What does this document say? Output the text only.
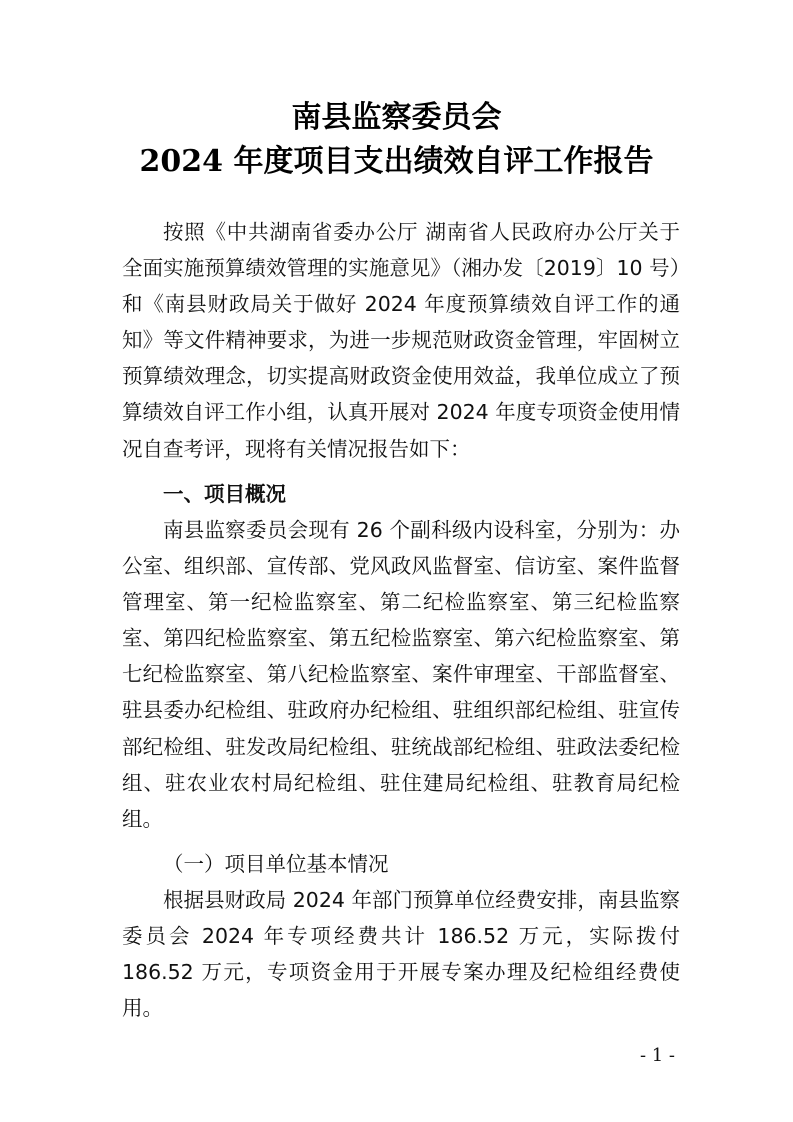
南县监察委员会
2024 年度项目支出绩效自评工作报告

按照《中共湖南省委办公厅 湖南省人民政府办公厅关于全面实施预算绩效管理的实施意见》（湘办发〔2019〕10 号）和《南县财政局关于做好 2024 年度预算绩效自评工作的通知》等文件精神要求，为进一步规范财政资金管理，牢固树立预算绩效理念，切实提高财政资金使用效益，我单位成立了预算绩效自评工作小组，认真开展对 2024 年度专项资金使用情况自查考评，现将有关情况报告如下：

一、项目概况

南县监察委员会现有 26 个副科级内设科室，分别为：办公室、组织部、宣传部、党风政风监督室、信访室、案件监督管理室、第一纪检监察室、第二纪检监察室、第三纪检监察室、第四纪检监察室、第五纪检监察室、第六纪检监察室、第七纪检监察室、第八纪检监察室、案件审理室、干部监督室、驻县委办纪检组、驻政府办纪检组、驻组织部纪检组、驻宣传部纪检组、驻发改局纪检组、驻统战部纪检组、驻政法委纪检组、驻农业农村局纪检组、驻住建局纪检组、驻教育局纪检组。

（一）项目单位基本情况

根据县财政局 2024 年部门预算单位经费安排，南县监察委员会 2024 年专项经费共计 186.52 万元，实际拨付 186.52 万元，专项资金用于开展专案办理及纪检组经费使用。

- 1 -
